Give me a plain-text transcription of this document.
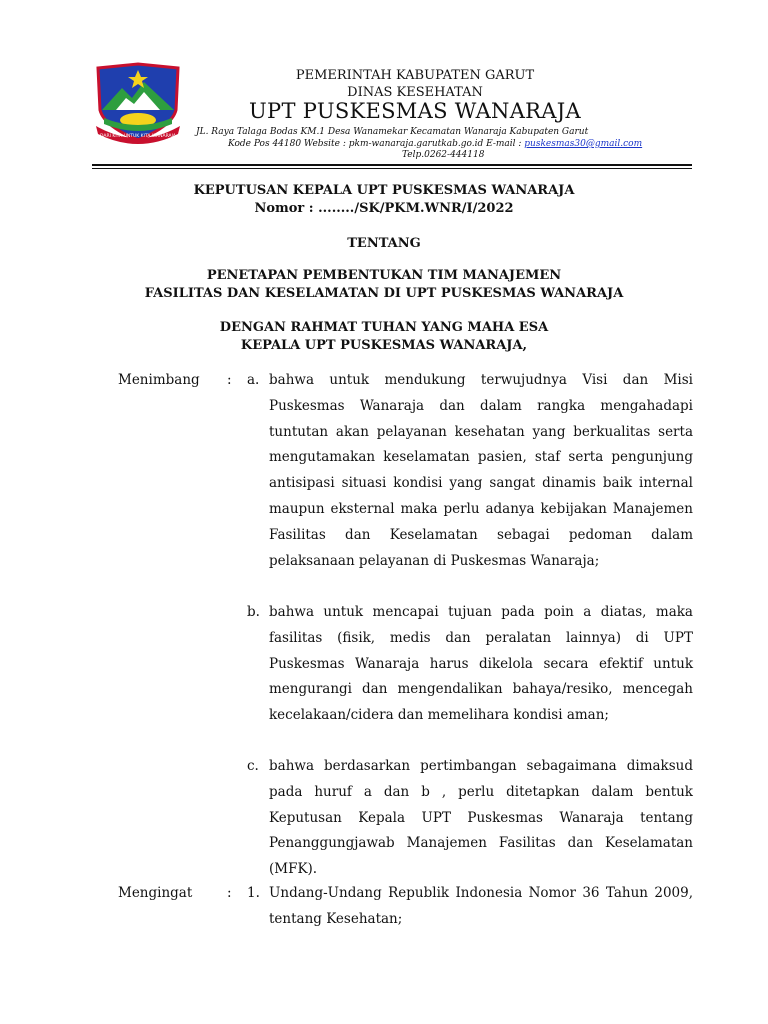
DARI KITA UNTUK KITA WANARAJA
PEMERINTAH KABUPATEN GARUT
DINAS KESEHATAN
UPT PUSKESMAS WANARAJA
JL. Raya Talaga Bodas KM.1 Desa Wanamekar Kecamatan Wanaraja Kabupaten Garut
Kode Pos 44180 Website : pkm-wanaraja.garutkab.go.id E-mail : puskesmas30@gmail.com
Telp.0262-444118
KEPUTUSAN KEPALA UPT PUSKESMAS WANARAJA
Nomor : ......../SK/PKM.WNR/I/2022
TENTANG
PENETAPAN PEMBENTUKAN TIM MANAJEMEN
FASILITAS DAN KESELAMATAN DI UPT PUSKESMAS WANARAJA
DENGAN RAHMAT TUHAN YANG MAHA ESA
KEPALA UPT PUSKESMAS WANARAJA,
Menimbang : a. bahwa untuk mendukung terwujudnya Visi dan Misi Puskesmas Wanaraja dan dalam rangka mengahadapi tuntutan akan pelayanan kesehatan yang berkualitas serta mengutamakan keselamatan pasien, staf serta pengunjung antisipasi situasi kondisi yang sangat dinamis baik internal maupun eksternal maka perlu adanya kebijakan Manajemen Fasilitas dan Keselamatan sebagai pedoman dalam pelaksanaan pelayanan di Puskesmas Wanaraja;
b. bahwa untuk mencapai tujuan pada poin a diatas, maka fasilitas (fisik, medis dan peralatan lainnya) di UPT Puskesmas Wanaraja harus dikelola secara efektif untuk mengurangi dan mengendalikan bahaya/resiko, mencegah kecelakaan/cidera dan memelihara kondisi aman;
c. bahwa berdasarkan pertimbangan sebagaimana dimaksud pada huruf a dan b , perlu ditetapkan dalam bentuk Keputusan Kepala UPT Puskesmas Wanaraja tentang Penanggungjawab Manajemen Fasilitas dan Keselamatan (MFK).
Mengingat	: 1. Undang-Undang Republik Indonesia Nomor 36 Tahun 2009, tentang Kesehatan;
